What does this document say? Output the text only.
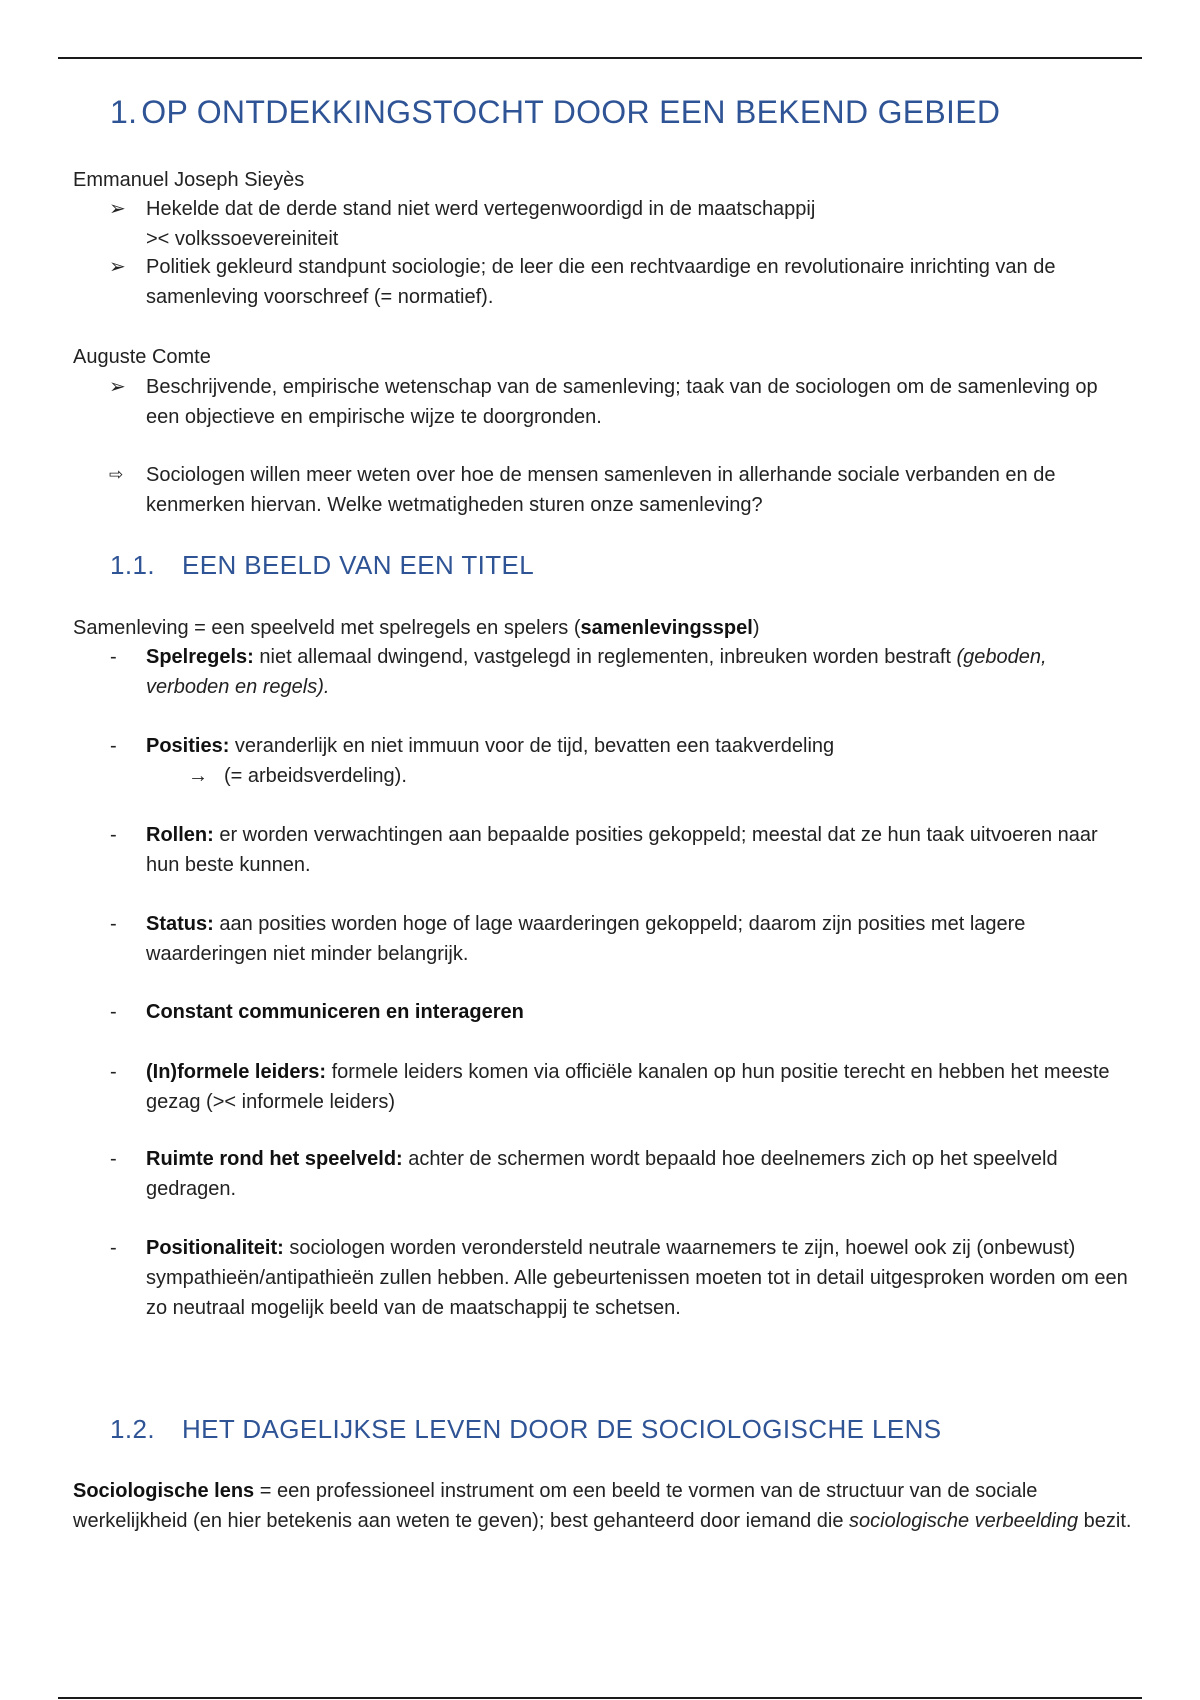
1. OP ONTDEKKINGSTOCHT DOOR EEN BEKEND GEBIED
Emmanuel Joseph Sieyès
➢	Hekelde dat de derde stand niet werd vertegenwoordigd in de maatschappij
>< volkssoevereiniteit
➢	Politiek gekleurd standpunt sociologie; de leer die een rechtvaardige en revolutionaire inrichting van de samenleving voorschreef (= normatief).
Auguste Comte
➢	Beschrijvende, empirische wetenschap van de samenleving; taak van de sociologen om de samenleving op een objectieve en empirische wijze te doorgronden.
⇨	Sociologen willen meer weten over hoe de mensen samenleven in allerhande sociale verbanden en de kenmerken hiervan. Welke wetmatigheden sturen onze samenleving?
1.1. EEN BEELD VAN EEN TITEL
Samenleving = een speelveld met spelregels en spelers (samenlevingsspel)
-	Spelregels: niet allemaal dwingend, vastgelegd in reglementen, inbreuken worden bestraft (geboden, verboden en regels).
-	Posities: veranderlijk en niet immuun voor de tijd, bevatten een taakverdeling
→ (= arbeidsverdeling).
-	Rollen: er worden verwachtingen aan bepaalde posities gekoppeld; meestal dat ze hun taak uitvoeren naar hun beste kunnen.
-	Status: aan posities worden hoge of lage waarderingen gekoppeld; daarom zijn posities met lagere waarderingen niet minder belangrijk.
-	Constant communiceren en interageren
-	(In)formele leiders: formele leiders komen via officiële kanalen op hun positie terecht en hebben het meeste gezag (>< informele leiders)
-	Ruimte rond het speelveld: achter de schermen wordt bepaald hoe deelnemers zich op het speelveld gedragen.
-	Positionaliteit: sociologen worden verondersteld neutrale waarnemers te zijn, hoewel ook zij (onbewust) sympathieën/antipathieën zullen hebben. Alle gebeurtenissen moeten tot in detail uitgesproken worden om een zo neutraal mogelijk beeld van de maatschappij te schetsen.
1.2. HET DAGELIJKSE LEVEN DOOR DE SOCIOLOGISCHE LENS
Sociologische lens = een professioneel instrument om een beeld te vormen van de structuur van de sociale werkelijkheid (en hier betekenis aan weten te geven); best gehanteerd door iemand die sociologische verbeelding bezit.
